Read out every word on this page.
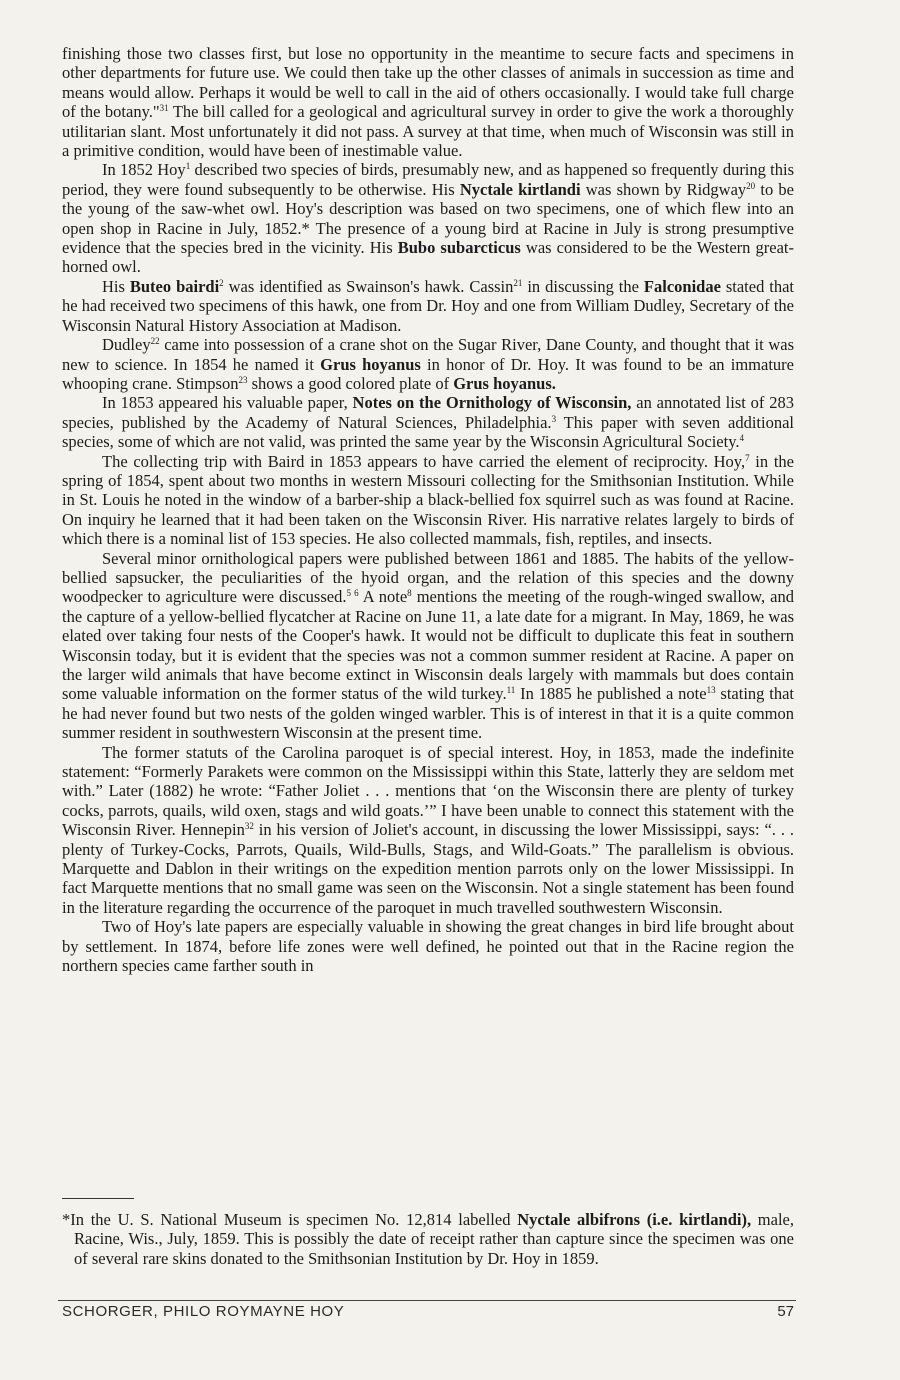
finishing those two classes first, but lose no opportunity in the meantime to secure facts and specimens in other departments for future use. We could then take up the other classes of animals in succession as time and means would allow. Perhaps it would be well to call in the aid of others occasionally. I would take full charge of the botany."$^{31}$ The bill called for a geological and agricultural survey in order to give the work a thoroughly utilitarian slant. Most unfortunately it did not pass. A survey at that time, when much of Wisconsin was still in a primitive condition, would have been of inestimable value.

In 1852 Hoy$^1$ described two species of birds, presumably new, and as happened so frequently during this period, they were found subsequently to be otherwise. His Nyctale kirtlandi was shown by Ridgway$^{20}$ to be the young of the saw-whet owl. Hoy's description was based on two specimens, one of which flew into an open shop in Racine in July, 1852.* The presence of a young bird at Racine in July is strong presumptive evidence that the species bred in the vicinity. His Bubo subarcticus was considered to be the Western great-horned owl.

His Buteo bairdi$^2$ was identified as Swainson's hawk. Cassin$^{21}$ in discussing the Falconidae stated that he had received two specimens of this hawk, one from Dr. Hoy and one from William Dudley, Secretary of the Wisconsin Natural History Association at Madison.

Dudley$^{22}$ came into possession of a crane shot on the Sugar River, Dane County, and thought that it was new to science. In 1854 he named it Grus hoyanus in honor of Dr. Hoy. It was found to be an immature whooping crane. Stimpson$^{23}$ shows a good colored plate of Grus hoyanus.

In 1853 appeared his valuable paper, Notes on the Ornithology of Wisconsin, an annotated list of 283 species, published by the Academy of Natural Sciences, Philadelphia.$^3$ This paper with seven additional species, some of which are not valid, was printed the same year by the Wisconsin Agricultural Society.$^4$

The collecting trip with Baird in 1853 appears to have carried the element of reciprocity. Hoy,$^7$ in the spring of 1854, spent about two months in western Missouri collecting for the Smithsonian Institution. While in St. Louis he noted in the window of a barber-ship a black-bellied fox squirrel such as was found at Racine. On inquiry he learned that it had been taken on the Wisconsin River. His narrative relates largely to birds of which there is a nominal list of 153 species. He also collected mammals, fish, reptiles, and insects.

Several minor ornithological papers were published between 1861 and 1885. The habits of the yellow-bellied sapsucker, the peculiarities of the hyoid organ, and the relation of this species and the downy woodpecker to agriculture were discussed.$^{5 6}$ A note$^8$ mentions the meeting of the rough-winged swallow, and the capture of a yellow-bellied flycatcher at Racine on June 11, a late date for a migrant. In May, 1869, he was elated over taking four nests of the Cooper's hawk. It would not be difficult to duplicate this feat in southern Wisconsin today, but it is evident that the species was not a common summer resident at Racine. A paper on the larger wild animals that have become extinct in Wisconsin deals largely with mammals but does contain some valuable information on the former status of the wild turkey.$^{11}$ In 1885 he published a note$^{13}$ stating that he had never found but two nests of the golden winged warbler. This is of interest in that it is a quite common summer resident in southwestern Wisconsin at the present time.

The former statuts of the Carolina paroquet is of special interest. Hoy, in 1853, made the indefinite statement: “Formerly Parakets were common on the Mississippi within this State, latterly they are seldom met with.” Later (1882) he wrote: “Father Joliet . . . mentions that ‘on the Wisconsin there are plenty of turkey cocks, parrots, quails, wild oxen, stags and wild goats.’” I have been unable to connect this statement with the Wisconsin River. Hennepin$^{32}$ in his version of Joliet's account, in discussing the lower Mississippi, says: “. . . plenty of Turkey-Cocks, Parrots, Quails, Wild-Bulls, Stags, and Wild-Goats.” The parallelism is obvious. Marquette and Dablon in their writings on the expedition mention parrots only on the lower Mississippi. In fact Marquette mentions that no small game was seen on the Wisconsin. Not a single statement has been found in the literature regarding the occurrence of the paroquet in much travelled southwestern Wisconsin.

Two of Hoy's late papers are especially valuable in showing the great changes in bird life brought about by settlement. In 1874, before life zones were well defined, he pointed out that in the Racine region the northern species came farther south in

*In the U. S. National Museum is specimen No. 12,814 labelled Nyctale albifrons (i.e. kirtlandi), male, Racine, Wis., July, 1859. This is possibly the date of receipt rather than capture since the specimen was one of several rare skins donated to the Smithsonian Institution by Dr. Hoy in 1859.

SCHORGER, PHILO ROYMAYNE HOY	57
